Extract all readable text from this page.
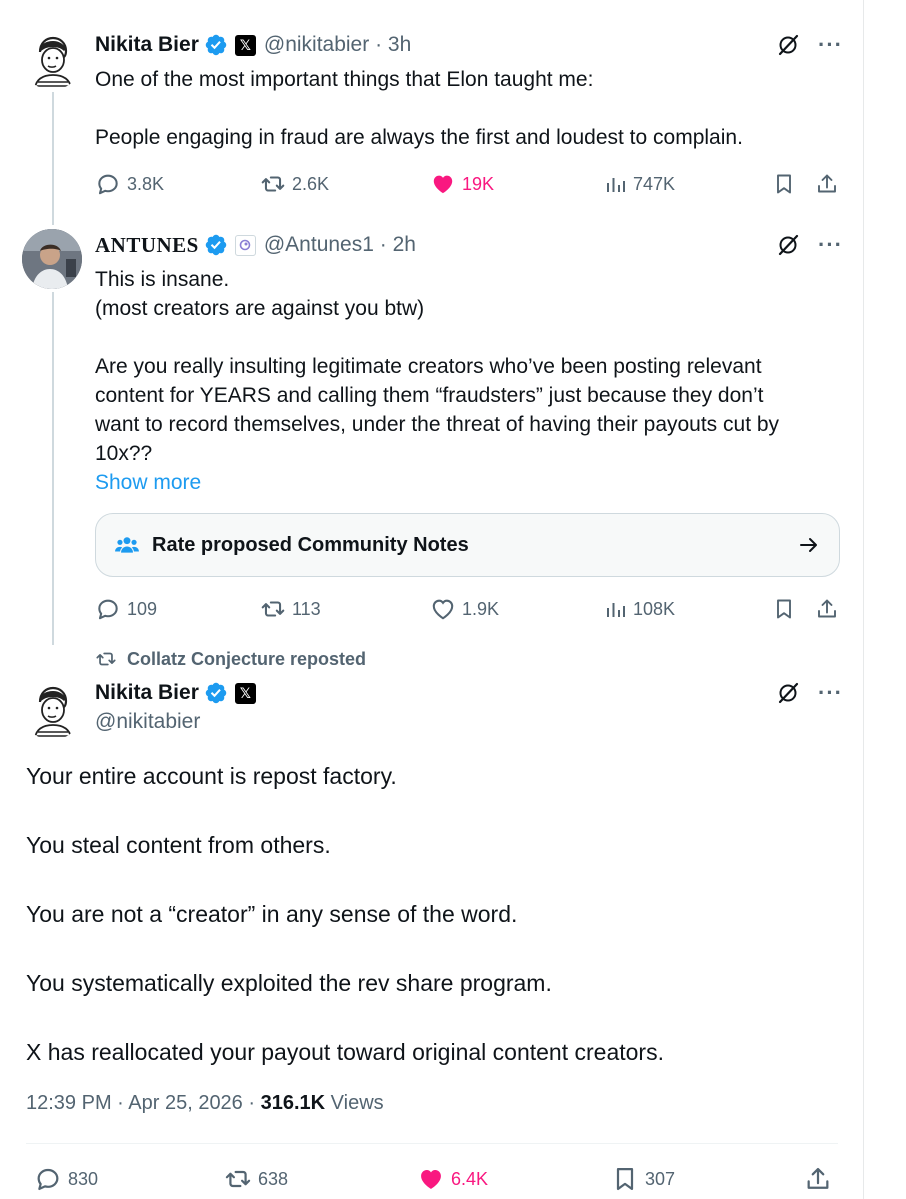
Nikita Bier	𝕏 @nikitabier · 3h	···
One of the most important things that Elon taught me:
People engaging in fraud are always the first and loudest to complain.
3.8K	2.6K	19K	747K
ANTUNES	@Antunes1 · 2h	···
This is insane.
(most creators are against you btw)
Are you really insulting legitimate creators who’ve been posting relevant
content for YEARS and calling them “fraudsters” just because they don’t
want to record themselves, under the threat of having their payouts cut by
10x??
Show more
Rate proposed Community Notes
109	113	1.9K	108K
Collatz Conjecture reposted
Nikita Bier	𝕏
@nikitabier
···

Your entire account is repost factory.

You steal content from others.

You are not a “creator” in any sense of the word.

You systematically exploited the rev share program.

X has reallocated your payout toward original content creators.

12:39 PM · Apr 25, 2026 · 316.1K Views
830	638	6.4K	307
